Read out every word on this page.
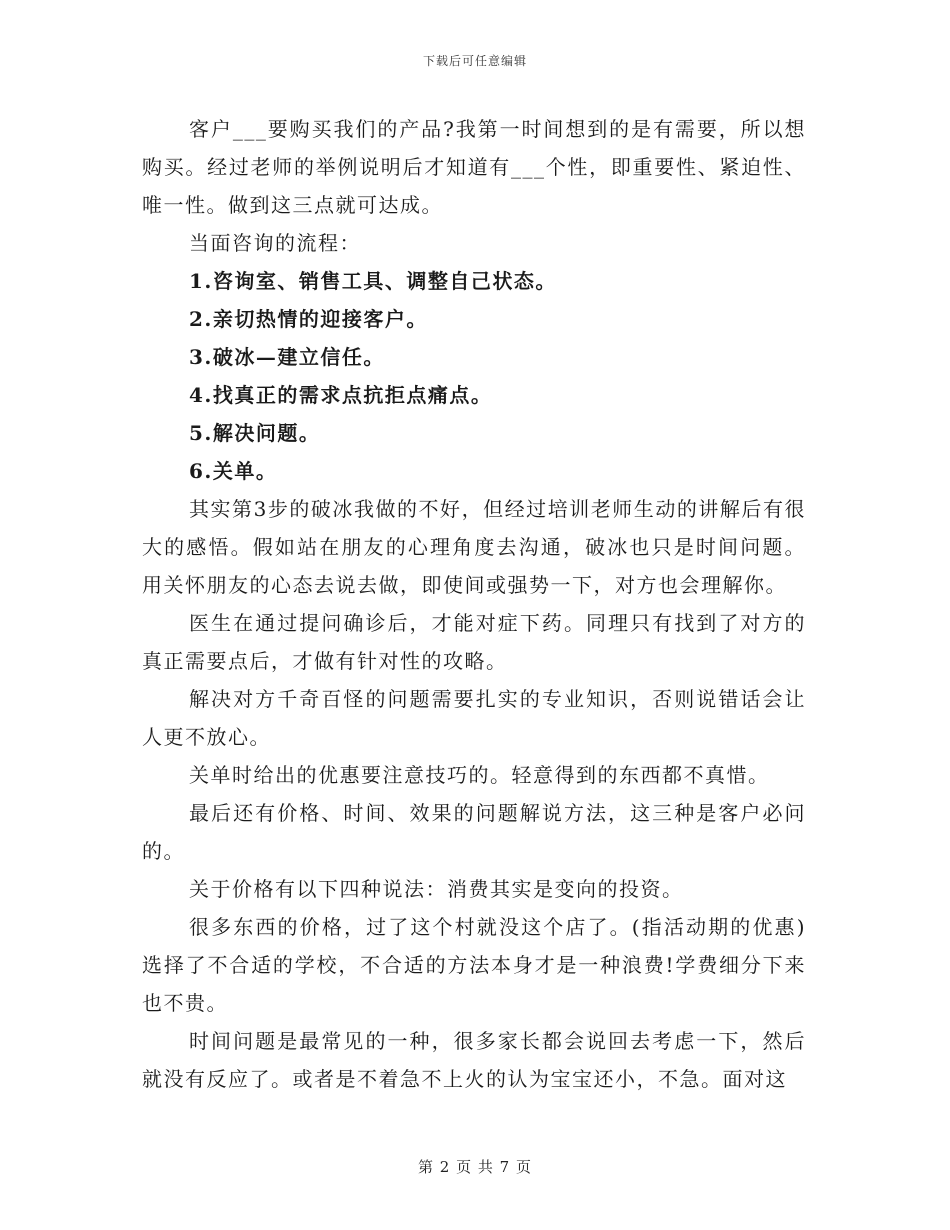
下载后可任意编辑

客户___要购买我们的产品?我第一时间想到的是有需要，所以想购买。经过老师的举例说明后才知道有___个性，即重要性、紧迫性、唯一性。做到这三点就可达成。

当面咨询的流程：

1.咨询室、销售工具、调整自己状态。

2.亲切热情的迎接客户。

3.破冰—建立信任。

4.找真正的需求点抗拒点痛点。

5.解决问题。

6.关单。

其实第3步的破冰我做的不好，但经过培训老师生动的讲解后有很大的感悟。假如站在朋友的心理角度去沟通，破冰也只是时间问题。用关怀朋友的心态去说去做，即使间或强势一下，对方也会理解你。

医生在通过提问确诊后，才能对症下药。同理只有找到了对方的真正需要点后，才做有针对性的攻略。

解决对方千奇百怪的问题需要扎实的专业知识，否则说错话会让人更不放心。

关单时给出的优惠要注意技巧的。轻意得到的东西都不真惜。

最后还有价格、时间、效果的问题解说方法，这三种是客户必问的。

关于价格有以下四种说法：消费其实是变向的投资。

很多东西的价格，过了这个村就没这个店了。(指活动期的优惠)选择了不合适的学校，不合适的方法本身才是一种浪费!学费细分下来也不贵。

时间问题是最常见的一种，很多家长都会说回去考虑一下，然后就没有反应了。或者是不着急不上火的认为宝宝还小，不急。面对这

第 2 页 共 7 页
